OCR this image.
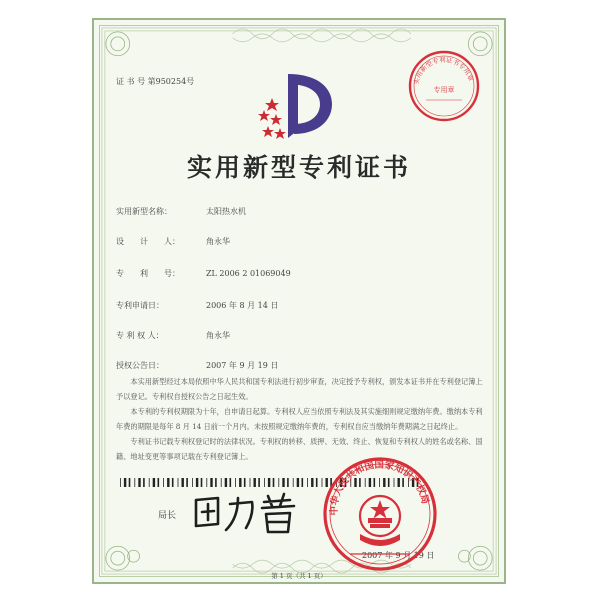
实用新型专利证书专用章
专用章
证 书 号 第950254号
实用新型专利证书
实用新型名称：	太阳热水机
设　　计　　人：	角永华
专　　利　　号：	ZL 2006 2 01069049
专利申请日：	2006 年 8 月 14 日
专 利 权 人：	角永华
授权公告日：	2007 年 9 月 19 日

本实用新型经过本局依照中华人民共和国专利法进行初步审查，决定授予专利权，颁发本证书并在专利登记簿上予以登记。专利权自授权公告之日起生效。

本专利的专利权期限为十年，自申请日起算。专利权人应当依照专利法及其实施细则规定缴纳年费。缴纳本专利年费的期限是每年 8 月 14 日前一个月内。未按照规定缴纳年费的，专利权自应当缴纳年费期满之日起终止。

专利证书记载专利权登记时的法律状况。专利权的转移、质押、无效、终止、恢复和专利权人的姓名或名称、国籍、地址变更等事项记载在专利登记簿上。

局长
2007 年 9 月 19 日
中华人民共和国国家知识产权局
第 1 页（共 1 页）
